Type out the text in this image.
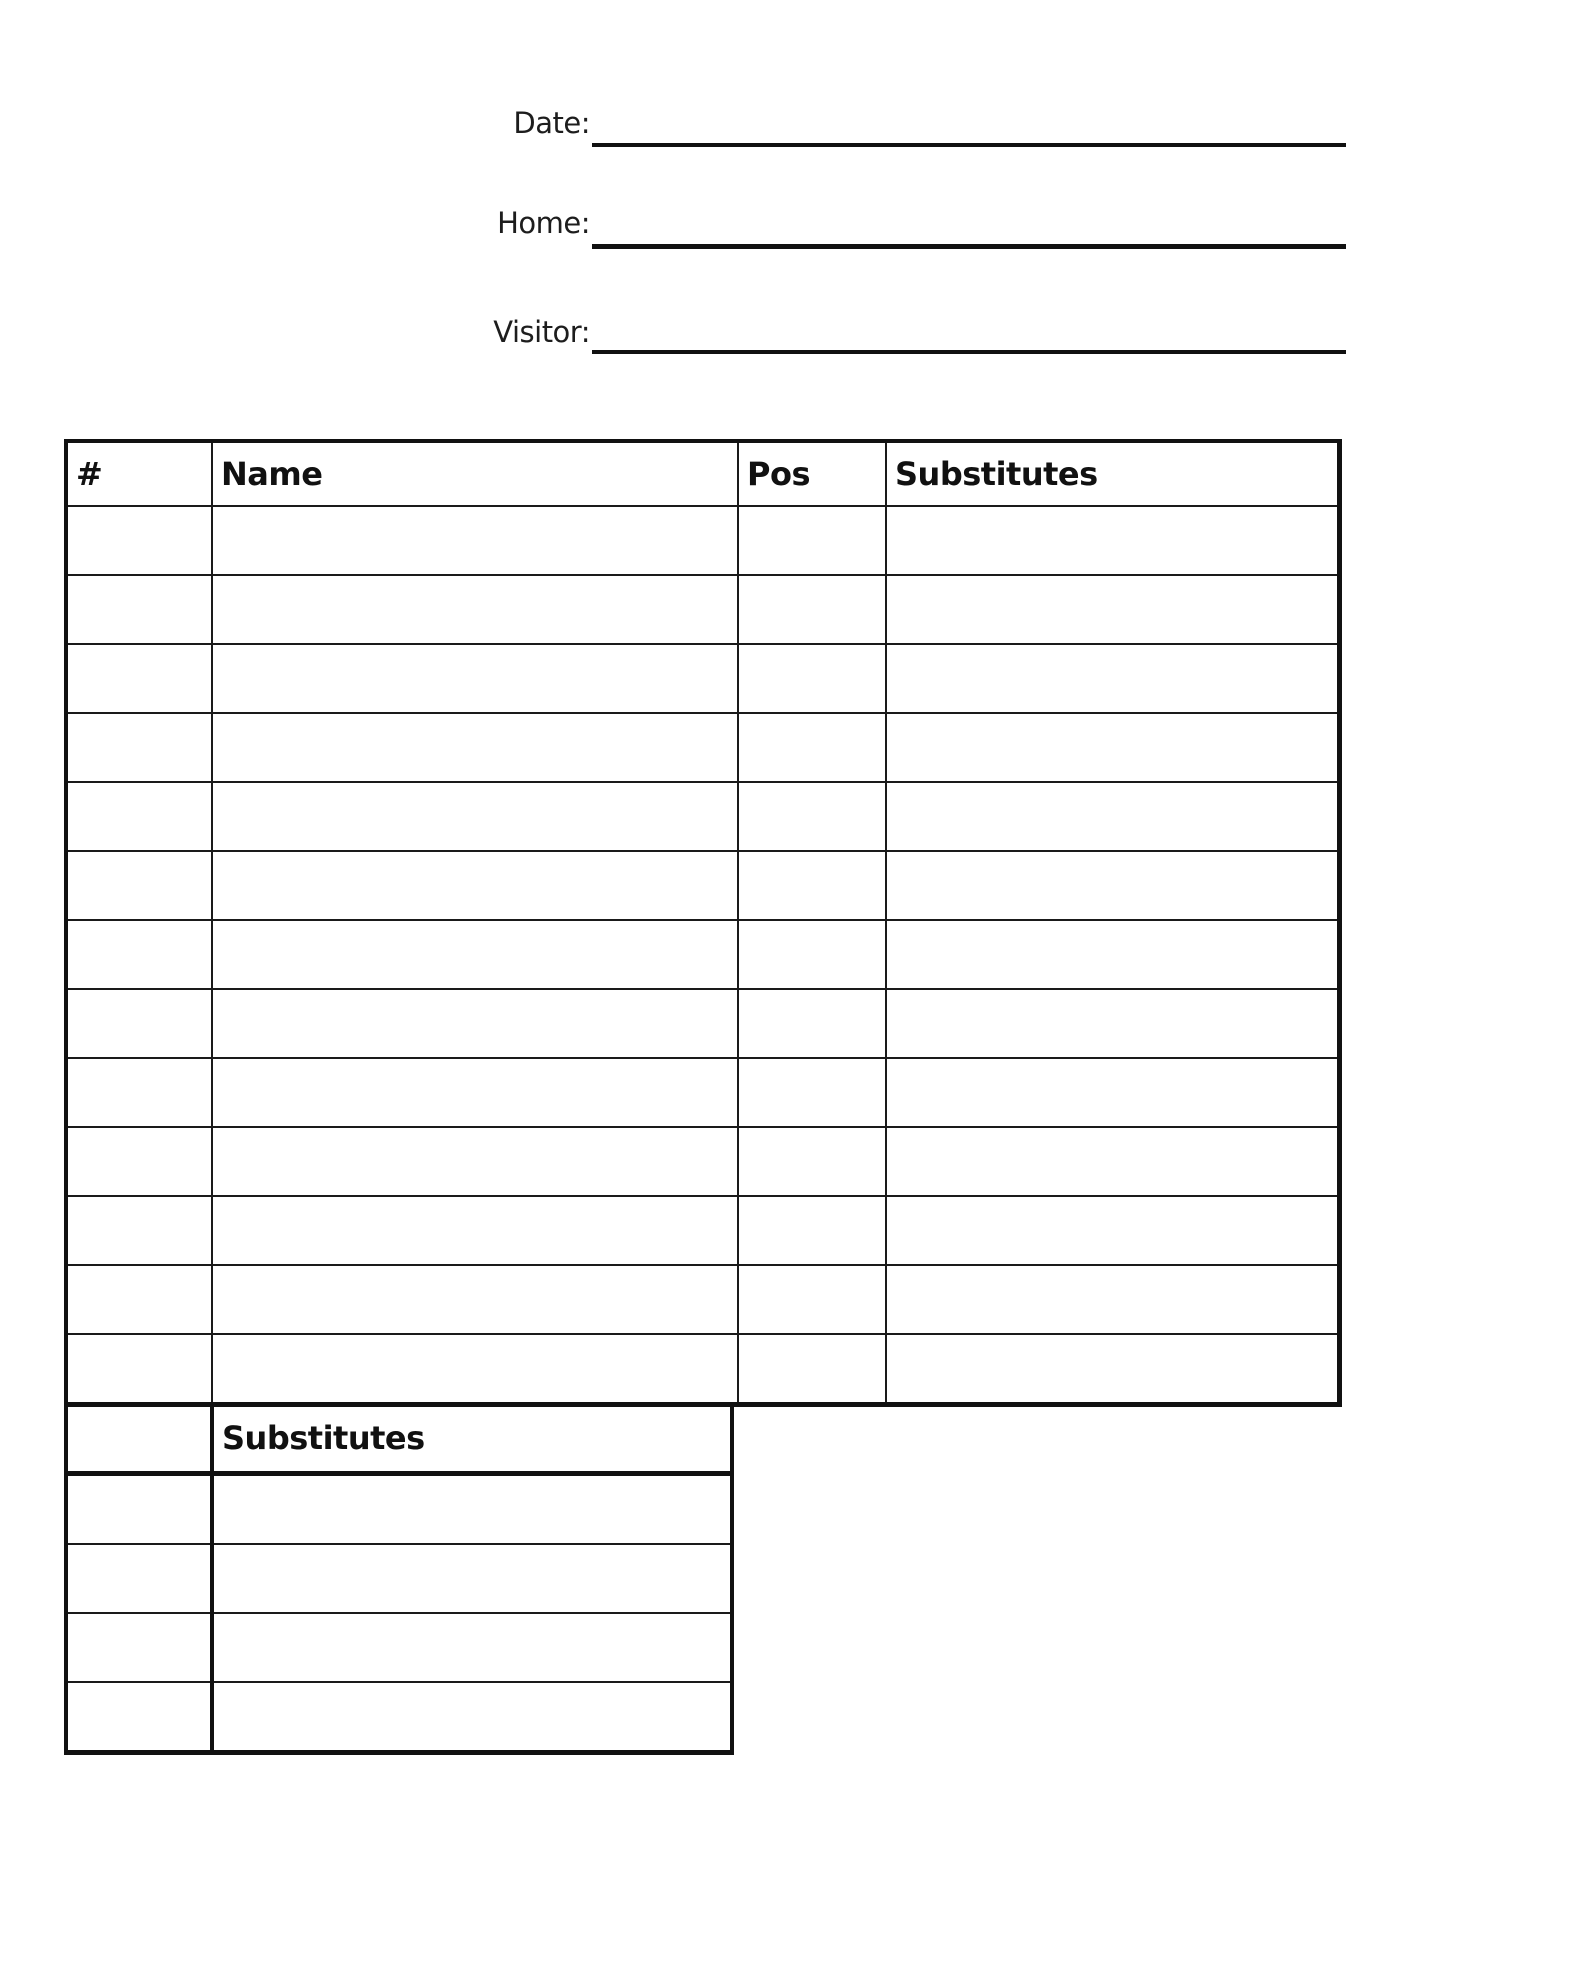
Date:
Home:
Visitor:
#	Name	Pos	Substitutes

	Substitutes
